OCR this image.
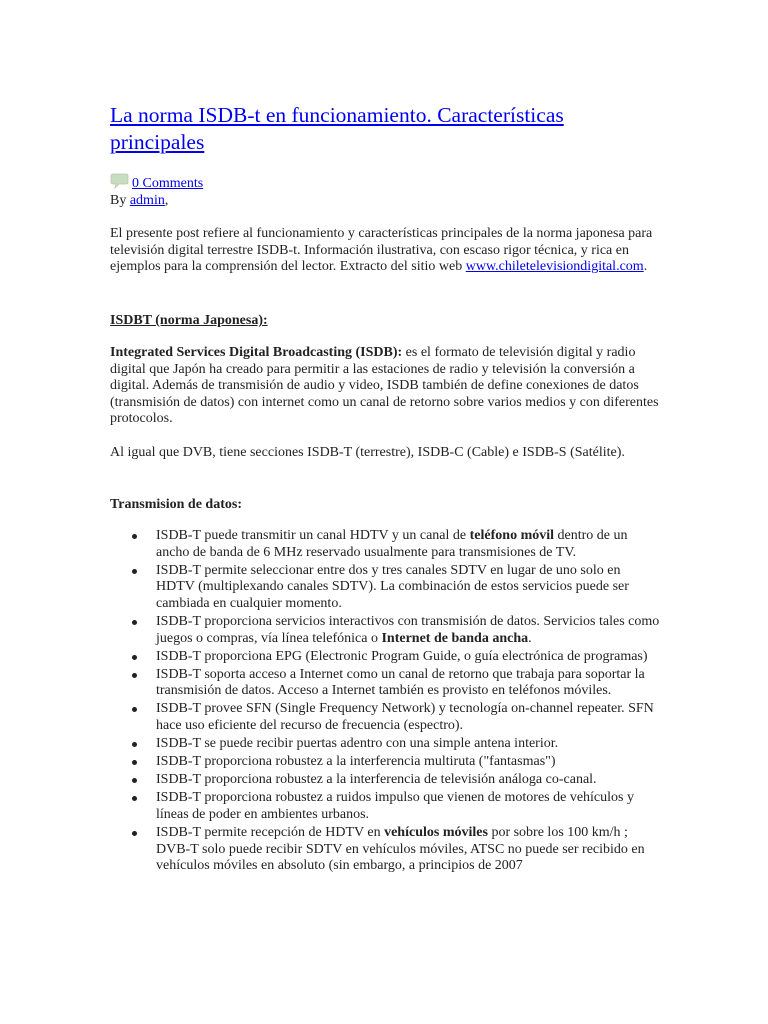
La norma ISDB-t en funcionamiento. Características principales
0 Comments
By admin,

El presente post refiere al funcionamiento y características principales de la norma japonesa para televisión digital terrestre ISDB-t. Información ilustrativa, con escaso rigor técnica, y rica en ejemplos para la comprensión del lector. Extracto del sitio web www.chiletelevisiondigital.com.

ISDBT (norma Japonesa):

Integrated Services Digital Broadcasting (ISDB): es el formato de televisión digital y radio digital que Japón ha creado para permitir a las estaciones de radio y televisión la conversión a digital. Además de transmisión de audio y video, ISDB también de define conexiones de datos (transmisión de datos) con internet como un canal de retorno sobre varios medios y con diferentes protocolos.

Al igual que DVB, tiene secciones ISDB-T (terrestre), ISDB-C (Cable) e ISDB-S (Satélite).

Transmision de datos:
ISDB-T puede transmitir un canal HDTV y un canal de teléfono móvil dentro de un ancho de banda de 6 MHz reservado usualmente para transmisiones de TV.
ISDB-T permite seleccionar entre dos y tres canales SDTV en lugar de uno solo en HDTV (multiplexando canales SDTV). La combinación de estos servicios puede ser cambiada en cualquier momento.
ISDB-T proporciona servicios interactivos con transmisión de datos. Servicios tales como juegos o compras, vía línea telefónica o Internet de banda ancha.
ISDB-T proporciona EPG (Electronic Program Guide, o guía electrónica de programas)
ISDB-T soporta acceso a Internet como un canal de retorno que trabaja para soportar la transmisión de datos. Acceso a Internet también es provisto en teléfonos móviles.
ISDB-T provee SFN (Single Frequency Network) y tecnología on-channel repeater. SFN hace uso eficiente del recurso de frecuencia (espectro).
ISDB-T se puede recibir puertas adentro con una simple antena interior.
ISDB-T proporciona robustez a la interferencia multiruta ("fantasmas")
ISDB-T proporciona robustez a la interferencia de televisión análoga co-canal.
ISDB-T proporciona robustez a ruidos impulso que vienen de motores de vehículos y líneas de poder en ambientes urbanos.
ISDB-T permite recepción de HDTV en vehículos móviles por sobre los 100 km/h ; DVB-T solo puede recibir SDTV en vehículos móviles, ATSC no puede ser recibido en vehículos móviles en absoluto (sin embargo, a principios de 2007
